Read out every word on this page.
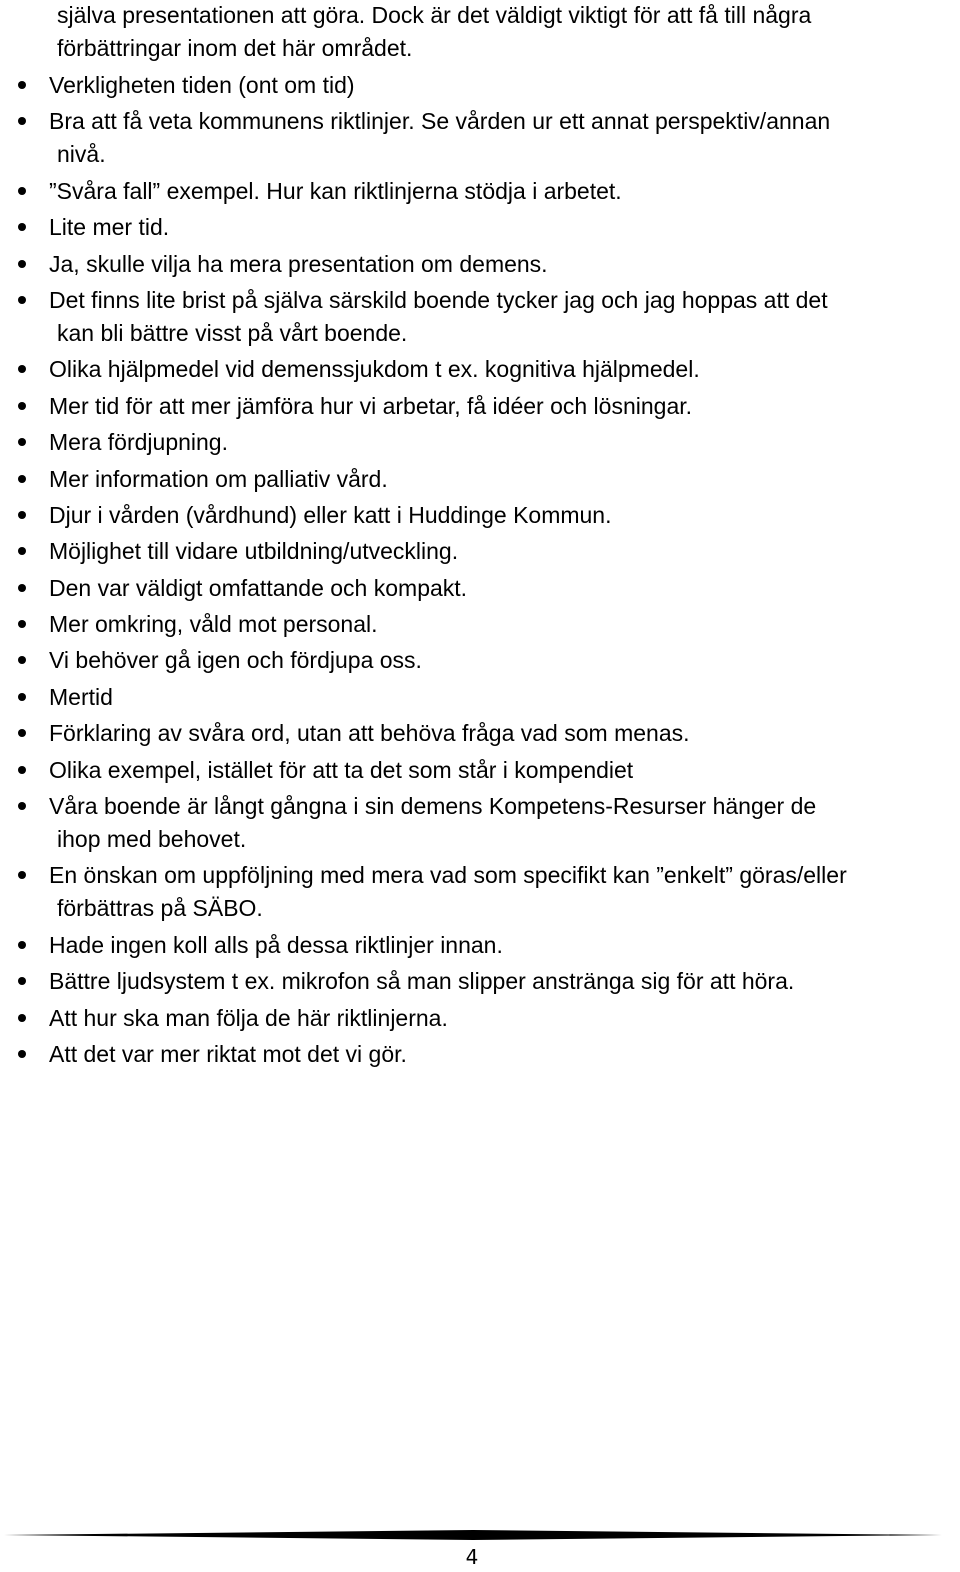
själva presentationen att göra. Dock är det väldigt viktigt för att få till några
förbättringar inom det här området.

Verkligheten tiden (ont om tid)
Bra att få veta kommunens riktlinjer. Se vården ur ett annat perspektiv/annan
nivå.
”Svåra fall” exempel. Hur kan riktlinjerna stödja i arbetet.
Lite mer tid.
Ja, skulle vilja ha mera presentation om demens.
Det finns lite brist på själva särskild boende tycker jag och jag hoppas att det
kan bli bättre visst på vårt boende.
Olika hjälpmedel vid demenssjukdom t ex. kognitiva hjälpmedel.
Mer tid för att mer jämföra hur vi arbetar, få idéer och lösningar.
Mera fördjupning.
Mer information om palliativ vård.
Djur i vården (vårdhund) eller katt i Huddinge Kommun.
Möjlighet till vidare utbildning/utveckling.
Den var väldigt omfattande och kompakt.
Mer omkring, våld mot personal.
Vi behöver gå igen och fördjupa oss.
Mertid
Förklaring av svåra ord, utan att behöva fråga vad som menas.
Olika exempel, istället för att ta det som står i kompendiet
Våra boende är långt gångna i sin demens Kompetens-Resurser hänger de
ihop med behovet.
En önskan om uppföljning med mera vad som specifikt kan ”enkelt” göras/eller
förbättras på SÄBO.
Hade ingen koll alls på dessa riktlinjer innan.
Bättre ljudsystem t ex. mikrofon så man slipper anstränga sig för att höra.
Att hur ska man följa de här riktlinjerna.
Att det var mer riktat mot det vi gör.
4
